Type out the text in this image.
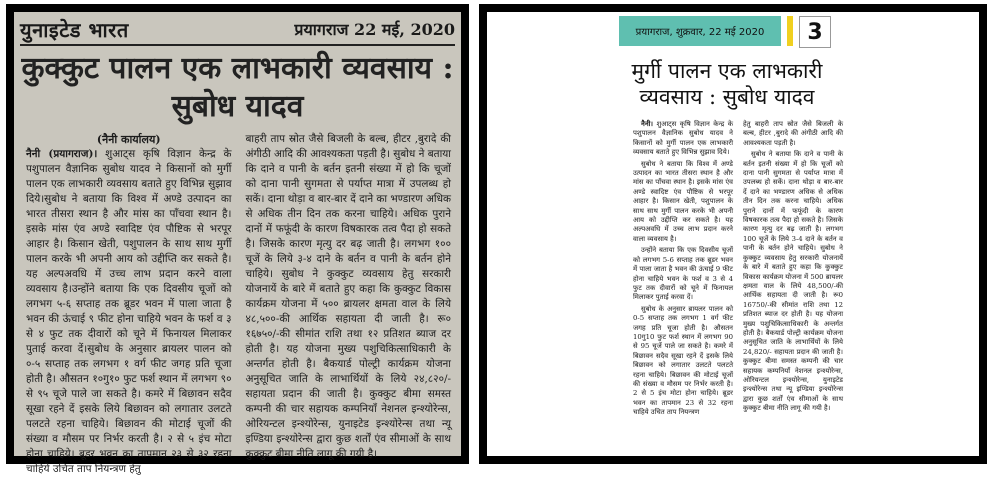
युनाइटेड भारत	प्रयागराज 22 मई, 2020
कुक्कुट पालन एक लाभकारी व्यवसाय : सुबोध यादव
(नैनी कार्यालय)
नैनी (प्रयागराज)। शुआट्स कृषि विज्ञान केन्द्र के पशुपालन वैज्ञानिक सुबोध यादव ने किसानों को मुर्गी पालन एक लाभकारी व्यवसाय बताते हुए विभिन्न सुझाव दिये।सुबोध ने बताया कि विश्व में अण्डे उत्पादन का भारत तीसरा स्थान है और मांस का पाँचवा स्थान है। इसके मांस एंव अण्डे स्वादिष्ट एंव पौष्टिक से भरपूर आहार है। किसान खेती, पशुपालन के साथ साथ मुर्गी पालन करके भी अपनी आय को उद्दीप्ति कर सकते है। यह अल्पअवधि में उच्च लाभ प्रदान करने वाला व्यवसाय है।उन्होंने बताया कि एक दिवसीय चूजों को लगभग ५-६ सप्ताह तक ब्रूडर भवन में पाला जाता है भवन की ऊंचाई ९ फीट होना चाहिये भवन के फर्श व ३ से ४ फुट तक दीवारों को चूने में फिनायल मिलाकर पुताई करवा दें।सुबोध के अनुसार ब्रायलर पालन को ०-५ सप्ताह तक लगभग १ वर्ग फीट जगह प्रति चूजा होती है। औसतन १०गु१० फुट फर्श स्थान में लगभग ९० से ९५ चूजे पाले जा सकते है। कमरे में बिछावन सदैव सूखा रहने दें इसके लिये बिछावन को लगातार उलटते पलटते रहना चाहिये। बिछावन की मोटाई चूजों की संख्या व मौसम पर निर्भर करती है। २ से ५ इंच मोटा होना चाहिये। ब्रूडर भवन का तापमान २३ से ३२ रहना चाहिये उचित ताप नियन्त्रण हेतु
बाहरी ताप स्रोत जैसे बिजली के बल्ब, हीटर ,बुरादे की अंगीठी आदि की आवश्यकता पड़ती है। सुबोध ने बताया कि दाने व पानी के बर्तन इतनी संख्या में हो कि चूजों को दाना पानी सुगमता से पर्याप्त मात्रा में उपलब्ध हो सकें। दाना थोड़ा व बार-बार दें दाने का भण्डारण अधिक से अधिक तीन दिन तक करना चाहिये। अधिक पुराने दानों में फफूंदी के कारण विषकारक तत्व पैदा हो सकते है। जिसके कारण मृत्यु दर बढ़ जाती है। लगभग १०० चूजें के लिये ३-४ दाने के बर्तन व पानी के बर्तन होने चाहिये। सुबोध ने कुक्कुट व्यवसाय हेतु सरकारी योजनायें के बारे में बताते हुए कहा कि कुक्कुट विकास कार्यक्रम योजना में ५०० ब्रायलर क्षमता वाल के लिये ४८,५००-की आर्थिक सहायता दी जाती है। रू० १६७५०/-की सीमांत राशि तथा १२ प्रतिशत ब्याज दर होती है। यह योजना मुख्य पशुचिकित्साधिकारी के अन्तर्गत होती है। बैकयार्ड पोल्ट्री कार्यक्रम योजना अनुसूचित जाति के लाभार्थियों के लिये २४,८२०/- सहायता प्रदान की जाती है। कुक्कुट बीमा समस्त कम्पनी की चार सहायक कम्पनियाँ नेशनल इन्श्योरेन्स, ओरियन्टल इन्श्योरेन्स, युनाइटेड इन्श्योरेन्स तथा न्यू इण्डिया इन्श्योरेन्स द्वारा कुछ शर्तों एंव सीमाओं के साथ कुक्कुट बीमा नीति लागू की गयी है।
प्रयागराज, शुक्रवार, 22 मई 2020 3
मुर्गी पालन एक लाभकारी व्यवसाय : सुबोध यादव

नैनी। शुआट्स कृषि विज्ञान केन्द्र के पशुपालन वैज्ञानिक सुबोध यादव ने किसानों को मुर्गी पालन एक लाभकारी व्यवसाय बताते हुए विभिन्न सुझाव दिये।

सुबोध ने बताया कि विश्व में अण्डे उत्पादन का भारत तीसरा स्थान है और मांस का पाँचवा स्थान है। इसके मांस एंव अण्डे स्वादिष्ट एंव पौष्टिक से भरपूर आहार है। किसान खेती, पशुपालन के साथ साथ मुर्गी पालन करके भी अपनी आय को उद्दीप्ति कर सकते है। यह अल्पअवधि में उच्च लाभ प्रदान करने वाला व्यवसाय है।

उन्होंने बताया कि एक दिवसीय चूजों को लगभग 5-6 सप्ताह तक ब्रूडर भवन में पाला जाता है भवन की ऊंचाई 9 फीट होना चाहिये भवन के फर्श व 3 से 4 फुट तक दीवारों को चूने में फिनायल मिलाकर पुताई करवा दें।

सुबोध के अनुसार ब्रायलर पालन को 0-5 सप्ताह तक लगभग 1 वर्ग फीट जगह प्रति चूजा होती है। औसतन 10गु10 फुट फर्श स्थान में लगभग 90 से 95 चूजें पाले जा सकते है। कमरे में बिछावन सदैव सूखा रहने दें इसके लिये बिछावन को लगातार उलटते पलटते रहना चाहिये। बिछावन की मोटाई चूजों की संख्या व मौसम पर निर्भर करती है। 2 से 5 इंच मोटा होना चाहिये। ब्रूडर भवन का तापमान 23 से 32 रहना चाहिये उचित ताप नियन्त्रण

हेतु बाहरी ताप स्रोत जैसे बिजली के बल्ब, हीटर ,बुरादे की अंगीठी आदि की आवश्यकता पड़ती है।

सुबोध ने बताया कि दाने व पानी के बर्तन इतनी संख्या में हो कि चूजों को दाना पानी सुगमता से पर्याप्त मात्रा में उपलब्ध हो सकें। दाना थोड़ा व बार-बार दें दाने का भण्डारण अधिक से अधिक तीन दिन तक करना चाहिये। अधिक पुराने दानों में फफूंदी के कारण विषकारक तत्व पैदा हो सकते है। जिसके कारण मृत्यु दर बढ़ जाती है। लगभग 100 चूजें के लिये 3-4 दाने के बर्तन व पानी के बर्तन होने चाहिये। सुबोध ने कुक्कुट व्यवसाय हेतु सरकारी योजनायें के बारे में बताते हुए कहा कि कुक्कुट विकास कार्यक्रम योजना में 500 ब्रायलर क्षमता वाल के लिये 48,500/-की आर्थिक सहायता दी जाती है। रू0 16750/-की सीमांत राशि तथा 12 प्रतिशत ब्याज दर होती है। यह योजना मुख्य पशुचिकित्साधिकारी के अन्तर्गत होती है। बैकयार्ड पोल्ट्री कार्यक्रम योजना अनुसूचित जाति के लाभार्थियों के लिये 24,820/- सहायता प्रदान की जाती है। कुक्कुट बीमा समस्त कम्पनी की चार सहायक कम्पनियाँ नेशनल इन्श्योरेन्स, ओरियन्टल इन्श्योरेन्स, युनाइटेड इन्श्योरेन्स तथा न्यू इण्डिया इन्श्योरेन्स द्वारा कुछ शर्तों एंव सीमाओं के साथ कुक्कुट बीमा नीति लागू की गयी है।
